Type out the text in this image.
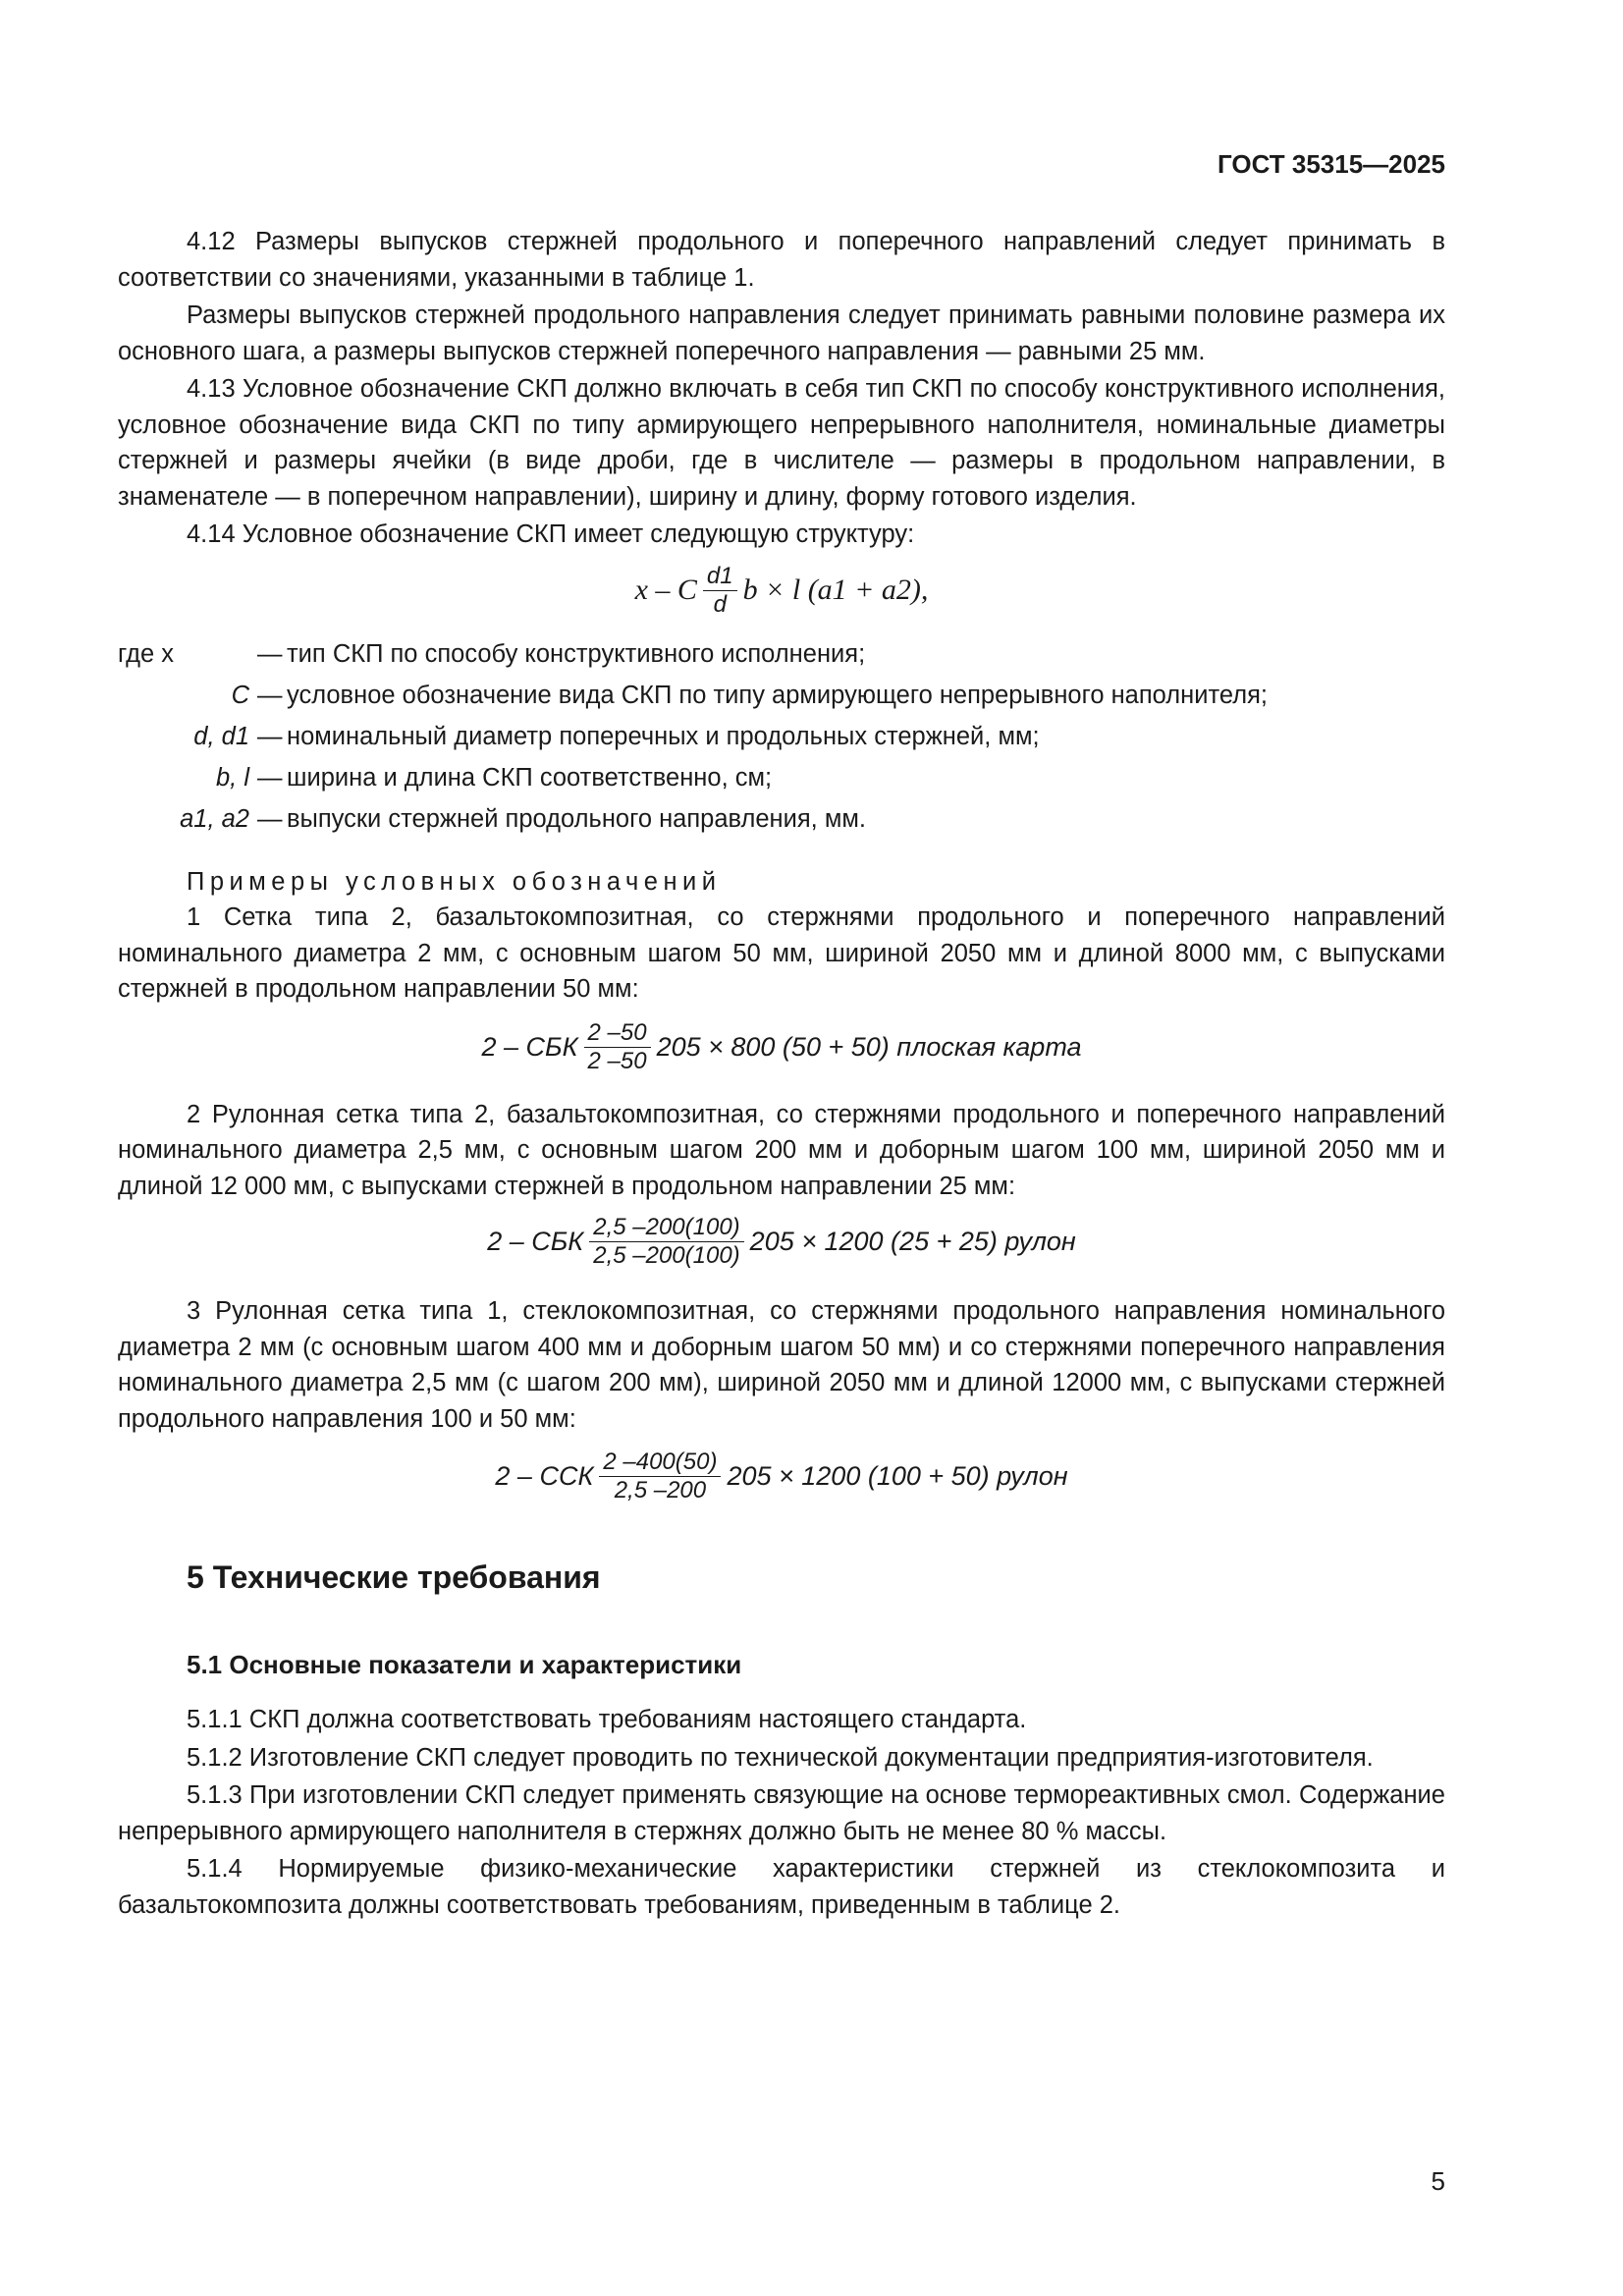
ГОСТ 35315—2025

4.12 Размеры выпусков стержней продольного и поперечного направлений следует принимать в соответствии со значениями, указанными в таблице 1.

Размеры выпусков стержней продольного направления следует принимать равными половине размера их основного шага, а размеры выпусков стержней поперечного направления — равными 25 мм.

4.13 Условное обозначение СКП должно включать в себя тип СКП по способу конструктивного исполнения, условное обозначение вида СКП по типу армирующего непрерывного наполнителя, номинальные диаметры стержней и размеры ячейки (в виде дроби, где в числителе — размеры в продольном направлении, в знаменателе — в поперечном направлении), ширину и длину, форму готового изделия.

4.14 Условное обозначение СКП имеет следующую структуру:

x – C $\frac{d1}{d}$ b × l (a1 + a2),
где x	— тип СКП по способу конструктивного исполнения;
C — условное обозначение вида СКП по типу армирующего непрерывного наполнителя;
d, d1 — номинальный диаметр поперечных и продольных стержней, мм;
b, l — ширина и длина СКП соответственно, см;
a1, a2 — выпуски стержней продольного направления, мм.
Примеры условных обозначений

1 Сетка типа 2, базальтокомпозитная, со стержнями продольного и поперечного направлений номинального диаметра 2 мм, с основным шагом 50 мм, шириной 2050 мм и длиной 8000 мм, с выпусками стержней в продольном направлении 50 мм:

2 – СБК $\frac{2 -50}{2 -50} 205 \times 800$ (50 + 50) плоская карта

2 Рулонная сетка типа 2, базальтокомпозитная, со стержнями продольного и поперечного направлений номинального диаметра 2,5 мм, с основным шагом 200 мм и доборным шагом 100 мм, шириной 2050 мм и длиной 12 000 мм, с выпусками стержней в продольном направлении 25 мм:

2 – СБК $\frac{2,5 -200(100)}{2,5 -200(100)} 205 \times 1200$ (25 + 25) рулон

3 Рулонная сетка типа 1, стеклокомпозитная, со стержнями продольного направления номинального диаметра 2 мм (с основным шагом 400 мм и доборным шагом 50 мм) и со стержнями поперечного направления номинального диаметра 2,5 мм (с шагом 200 мм), шириной 2050 мм и длиной 12000 мм, с выпусками стержней продольного направления 100 и 50 мм:

2 – ССК $\frac{2 -400(50)}{2,5 -200} 205 \times 1200$ (100 + 50) рулон
5 Технические требования
5.1 Основные показатели и характеристики

5.1.1 СКП должна соответствовать требованиям настоящего стандарта.

5.1.2 Изготовление СКП следует проводить по технической документации предприятия-изготовителя.

5.1.3 При изготовлении СКП следует применять связующие на основе термореактивных смол. Содержание непрерывного армирующего наполнителя в стержнях должно быть не менее 80 % массы.

5.1.4 Нормируемые физико-механические характеристики стержней из стеклокомпозита и базальтокомпозита должны соответствовать требованиям, приведенным в таблице 2.

5
